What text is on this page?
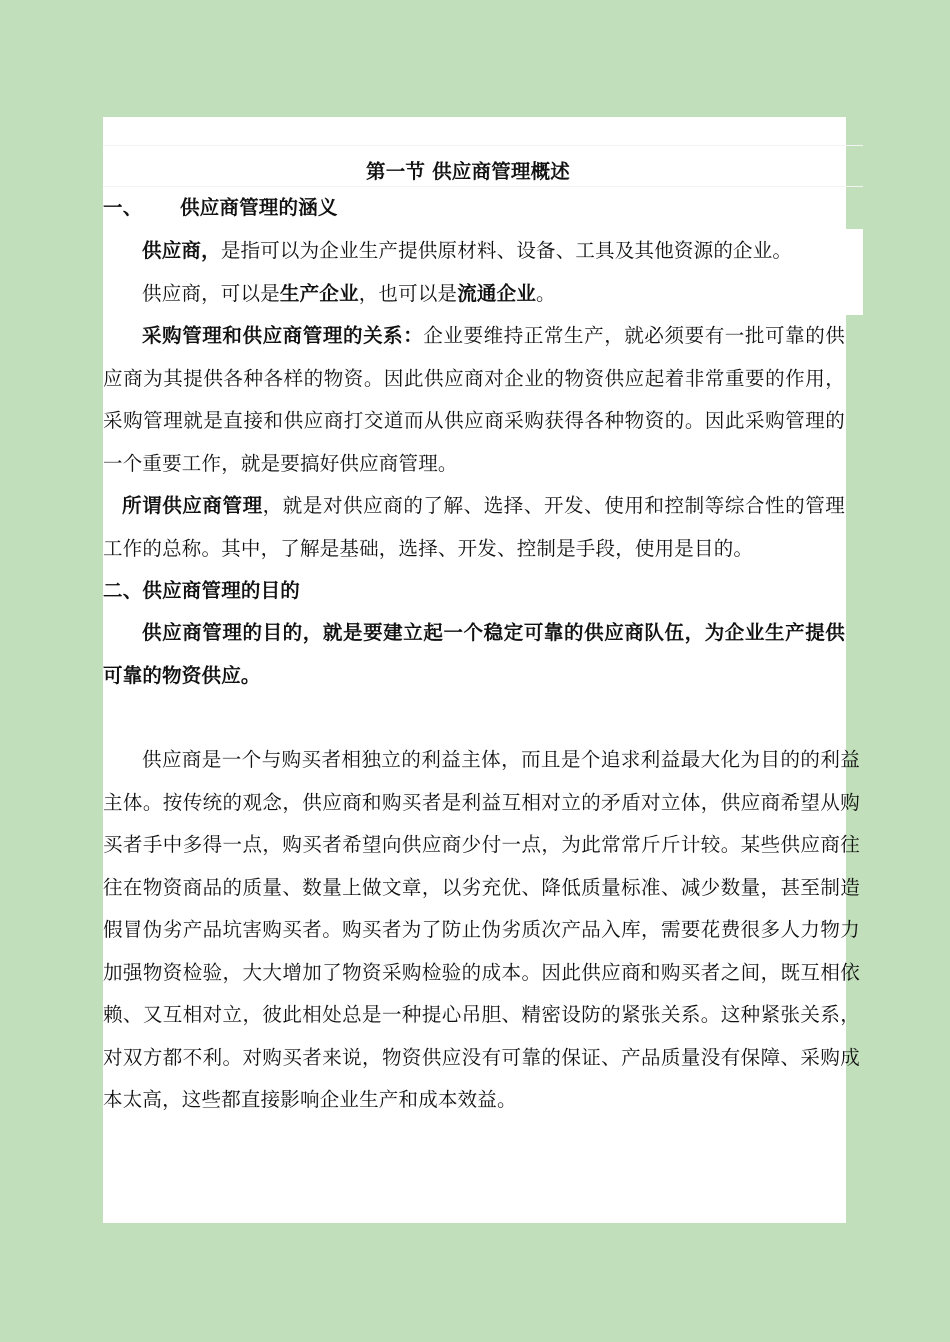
第一节 供应商管理概述

一、 供应商管理的涵义

供应商，是指可以为企业生产提供原材料、设备、工具及其他资源的企业。

供应商，可以是生产企业，也可以是流通企业。

采购管理和供应商管理的关系：企业要维持正常生产，就必须要有一批可靠的供应商为其提供各种各样的物资。因此供应商对企业的物资供应起着非常重要的作用，采购管理就是直接和供应商打交道而从供应商采购获得各种物资的。因此采购管理的一个重要工作，就是要搞好供应商管理。

所谓供应商管理，就是对供应商的了解、选择、开发、使用和控制等综合性的管理工作的总称。其中，了解是基础，选择、开发、控制是手段，使用是目的。

二、供应商管理的目的

供应商管理的目的，就是要建立起一个稳定可靠的供应商队伍，为企业生产提供可靠的物资供应。

供应商是一个与购买者相独立的利益主体，而且是个追求利益最大化为目的的利益主体。按传统的观念，供应商和购买者是利益互相对立的矛盾对立体，供应商希望从购买者手中多得一点，购买者希望向供应商少付一点，为此常常斤斤计较。某些供应商往往在物资商品的质量、数量上做文章，以劣充优、降低质量标准、减少数量，甚至制造假冒伪劣产品坑害购买者。购买者为了防止伪劣质次产品入库，需要花费很多人力物力加强物资检验，大大增加了物资采购检验的成本。因此供应商和购买者之间，既互相依赖、又互相对立，彼此相处总是一种提心吊胆、精密设防的紧张关系。这种紧张关系，对双方都不利。对购买者来说，物资供应没有可靠的保证、产品质量没有保障、采购成本太高，这些都直接影响企业生产和成本效益。
